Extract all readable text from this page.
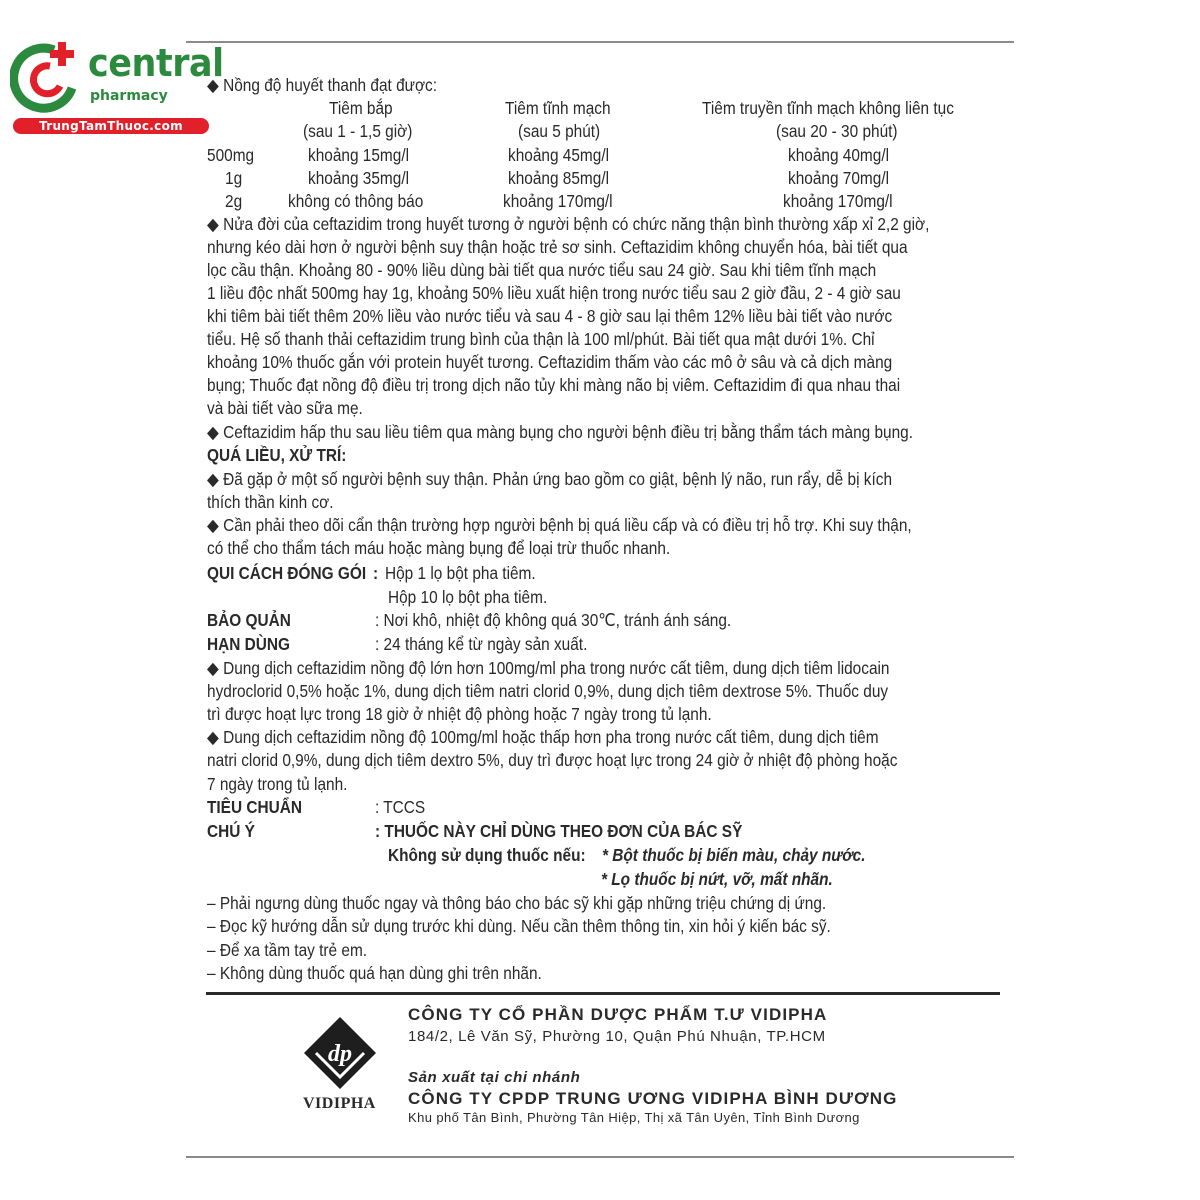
central
pharmacy
TrungTamThuoc.com
◆ Nồng độ huyết thanh đạt được:
Tiêm bắp	Tiêm tĩnh mạch	Tiêm truyền tĩnh mạch không liên tục
(sau 1 - 1,5 giờ)	(sau 5 phút)	(sau 20 - 30 phút)
500mg	khoảng 15mg/l	khoảng 45mg/l	khoảng 40mg/l
1g	khoảng 35mg/l	khoảng 85mg/l	khoảng 70mg/l
2g	không có thông báo	khoảng 170mg/l	khoảng 170mg/l
◆ Nửa đời của ceftazidim trong huyết tương ở người bệnh có chức năng thận bình thường xấp xỉ 2,2 giờ,
nhưng kéo dài hơn ở người bệnh suy thận hoặc trẻ sơ sinh. Ceftazidim không chuyển hóa, bài tiết qua
lọc cầu thận. Khoảng 80 - 90% liều dùng bài tiết qua nước tiểu sau 24 giờ. Sau khi tiêm tĩnh mạch
1 liều độc nhất 500mg hay 1g, khoảng 50% liều xuất hiện trong nước tiểu sau 2 giờ đầu, 2 - 4 giờ sau
khi tiêm bài tiết thêm 20% liều vào nước tiểu và sau 4 - 8 giờ sau lại thêm 12% liều bài tiết vào nước
tiểu. Hệ số thanh thải ceftazidim trung bình của thận là 100 ml/phút. Bài tiết qua mật dưới 1%. Chỉ
khoảng 10% thuốc gắn với protein huyết tương. Ceftazidim thấm vào các mô ở sâu và cả dịch màng
bụng; Thuốc đạt nồng độ điều trị trong dịch não tủy khi màng não bị viêm. Ceftazidim đi qua nhau thai
và bài tiết vào sữa mẹ.
◆ Ceftazidim hấp thu sau liều tiêm qua màng bụng cho người bệnh điều trị bằng thẩm tách màng bụng.
QUÁ LIỀU, XỬ TRÍ:
◆ Đã gặp ở một số người bệnh suy thận. Phản ứng bao gồm co giật, bệnh lý não, run rẩy, dễ bị kích
thích thần kinh cơ.
◆ Cần phải theo dõi cẩn thận trường hợp người bệnh bị quá liều cấp và có điều trị hỗ trợ. Khi suy thận,
có thể cho thẩm tách máu hoặc màng bụng để loại trừ thuốc nhanh.
QUI CÁCH ĐÓNG GÓI : Hộp 1 lọ bột pha tiêm.
Hộp 10 lọ bột pha tiêm.
BẢO QUẢN	: Nơi khô, nhiệt độ không quá 30℃, tránh ánh sáng.
HẠN DÙNG	: 24 tháng kể từ ngày sản xuất.
◆ Dung dịch ceftazidim nồng độ lớn hơn 100mg/ml pha trong nước cất tiêm, dung dịch tiêm lidocain
hydroclorid 0,5% hoặc 1%, dung dịch tiêm natri clorid 0,9%, dung dịch tiêm dextrose 5%. Thuốc duy
trì được hoạt lực trong 18 giờ ở nhiệt độ phòng hoặc 7 ngày trong tủ lạnh.
◆ Dung dịch ceftazidim nồng độ 100mg/ml hoặc thấp hơn pha trong nước cất tiêm, dung dịch tiêm
natri clorid 0,9%, dung dịch tiêm dextro 5%, duy trì được hoạt lực trong 24 giờ ở nhiệt độ phòng hoặc
7 ngày trong tủ lạnh.
TIÊU CHUẨN	: TCCS
CHÚ Ý	: THUỐC NÀY CHỈ DÙNG THEO ĐƠN CỦA BÁC SỸ
Không sử dụng thuốc nếu: * Bột thuốc bị biến màu, chảy nước.
* Lọ thuốc bị nứt, vỡ, mất nhãn.
– Phải ngưng dùng thuốc ngay và thông báo cho bác sỹ khi gặp những triệu chứng dị ứng.
– Đọc kỹ hướng dẫn sử dụng trước khi dùng. Nếu cần thêm thông tin, xin hỏi ý kiến bác sỹ.
– Để xa tầm tay trẻ em.
– Không dùng thuốc quá hạn dùng ghi trên nhãn.
dp
VIDIPHA
CÔNG TY CỔ PHẦN DƯỢC PHẨM T.Ư VIDIPHA
184/2, Lê Văn Sỹ, Phường 10, Quận Phú Nhuận, TP.HCM
Sản xuất tại chi nhánh
CÔNG TY CPDP TRUNG ƯƠNG VIDIPHA BÌNH DƯƠNG
Khu phố Tân Bình, Phường Tân Hiệp, Thị xã Tân Uyên, Tỉnh Bình Dương
